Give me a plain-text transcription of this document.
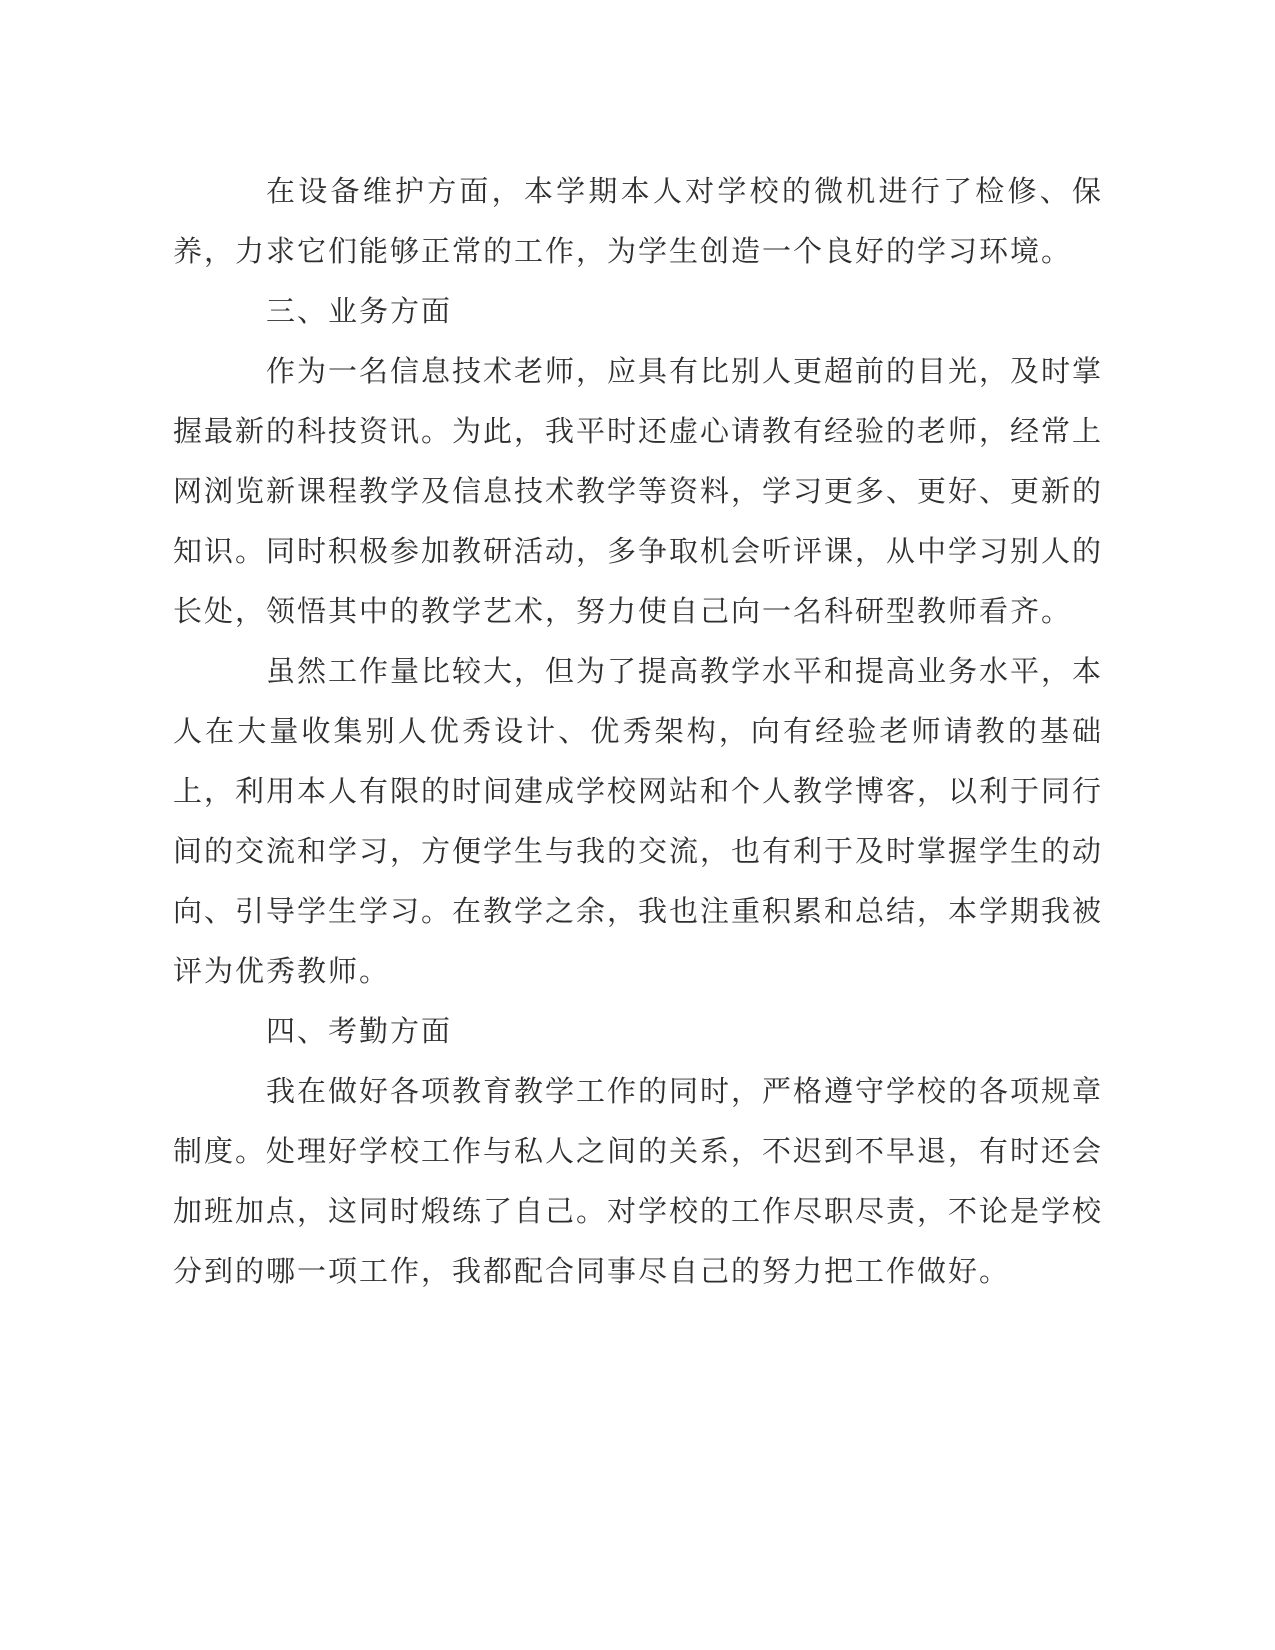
在设备维护方面，本学期本人对学校的微机进行了检修、保养，力求它们能够正常的工作，为学生创造一个良好的学习环境。

三、业务方面

作为一名信息技术老师，应具有比别人更超前的目光，及时掌握最新的科技资讯。为此，我平时还虚心请教有经验的老师，经常上网浏览新课程教学及信息技术教学等资料，学习更多、更好、更新的知识。同时积极参加教研活动，多争取机会听评课，从中学习别人的长处，领悟其中的教学艺术，努力使自己向一名科研型教师看齐。

虽然工作量比较大，但为了提高教学水平和提高业务水平，本人在大量收集别人优秀设计、优秀架构，向有经验老师请教的基础上，利用本人有限的时间建成学校网站和个人教学博客，以利于同行间的交流和学习，方便学生与我的交流，也有利于及时掌握学生的动向、引导学生学习。在教学之余，我也注重积累和总结，本学期我被评为优秀教师。

四、考勤方面

我在做好各项教育教学工作的同时，严格遵守学校的各项规章制度。处理好学校工作与私人之间的关系，不迟到不早退，有时还会加班加点，这同时煅练了自己。对学校的工作尽职尽责，不论是学校分到的哪一项工作，我都配合同事尽自己的努力把工作做好。
